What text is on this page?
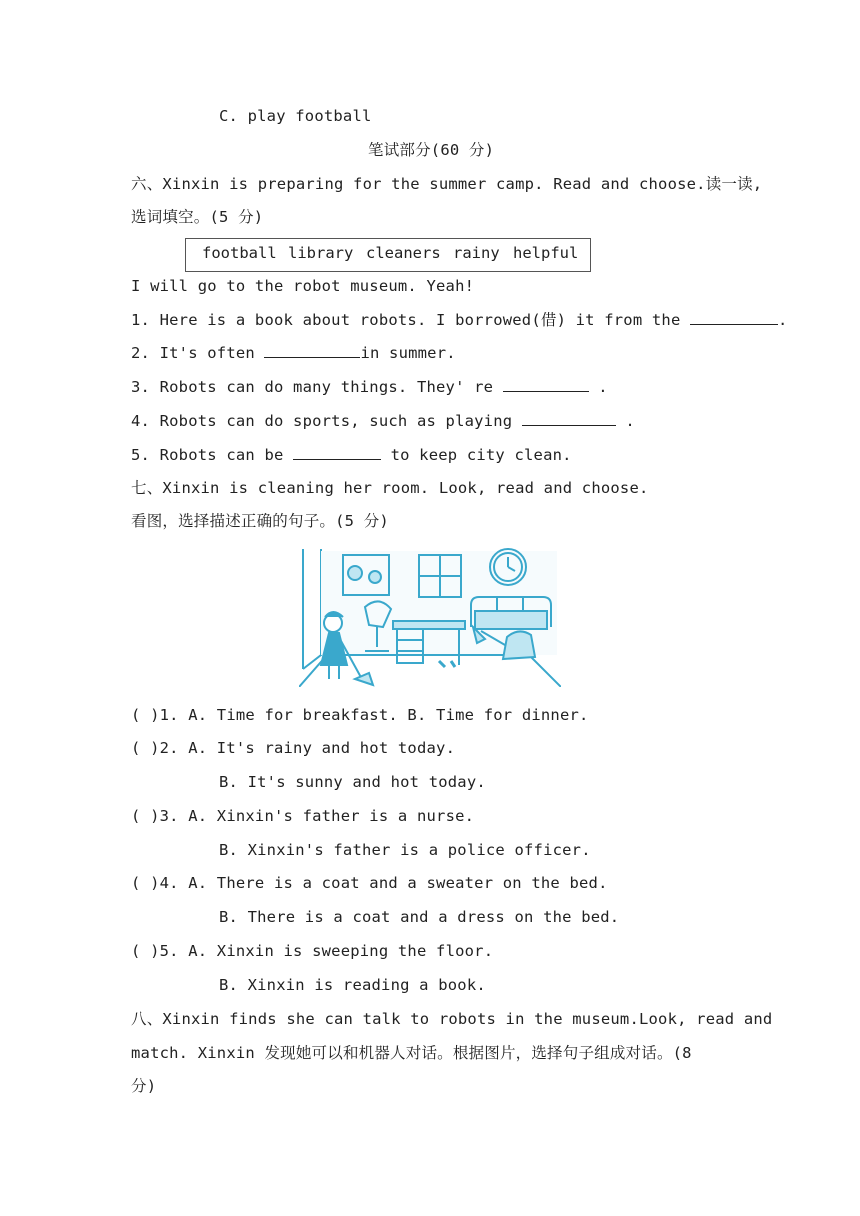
C. play football
笔试部分(60 分)
六、Xinxin is preparing for the summer camp. Read and choose.读一读,
选词填空。(5 分)
football library cleaners rainy helpful
I will go to the robot museum. Yeah!
1. Here is a book about robots. I borrowed(借) it from the	.
2. It's often	in summer.
3. Robots can do many things. They' re	.
4. Robots can do sports, such as playing	.
5. Robots can be	to keep city clean.
七、Xinxin is cleaning her room. Look, read and choose.
看图，选择描述正确的句子。(5 分)
( )1. A. Time for breakfast. B. Time for dinner.
( )2. A. It's rainy and hot today.
B. It's sunny and hot today.
( )3. A. Xinxin's father is a nurse.
B. Xinxin's father is a police officer.
( )4. A. There is a coat and a sweater on the bed.
B. There is a coat and a dress on the bed.
( )5. A. Xinxin is sweeping the floor.
B. Xinxin is reading a book.
八、Xinxin finds she can talk to robots in the museum.Look, read and
match. Xinxin 发现她可以和机器人对话。根据图片，选择句子组成对话。(8
分)
